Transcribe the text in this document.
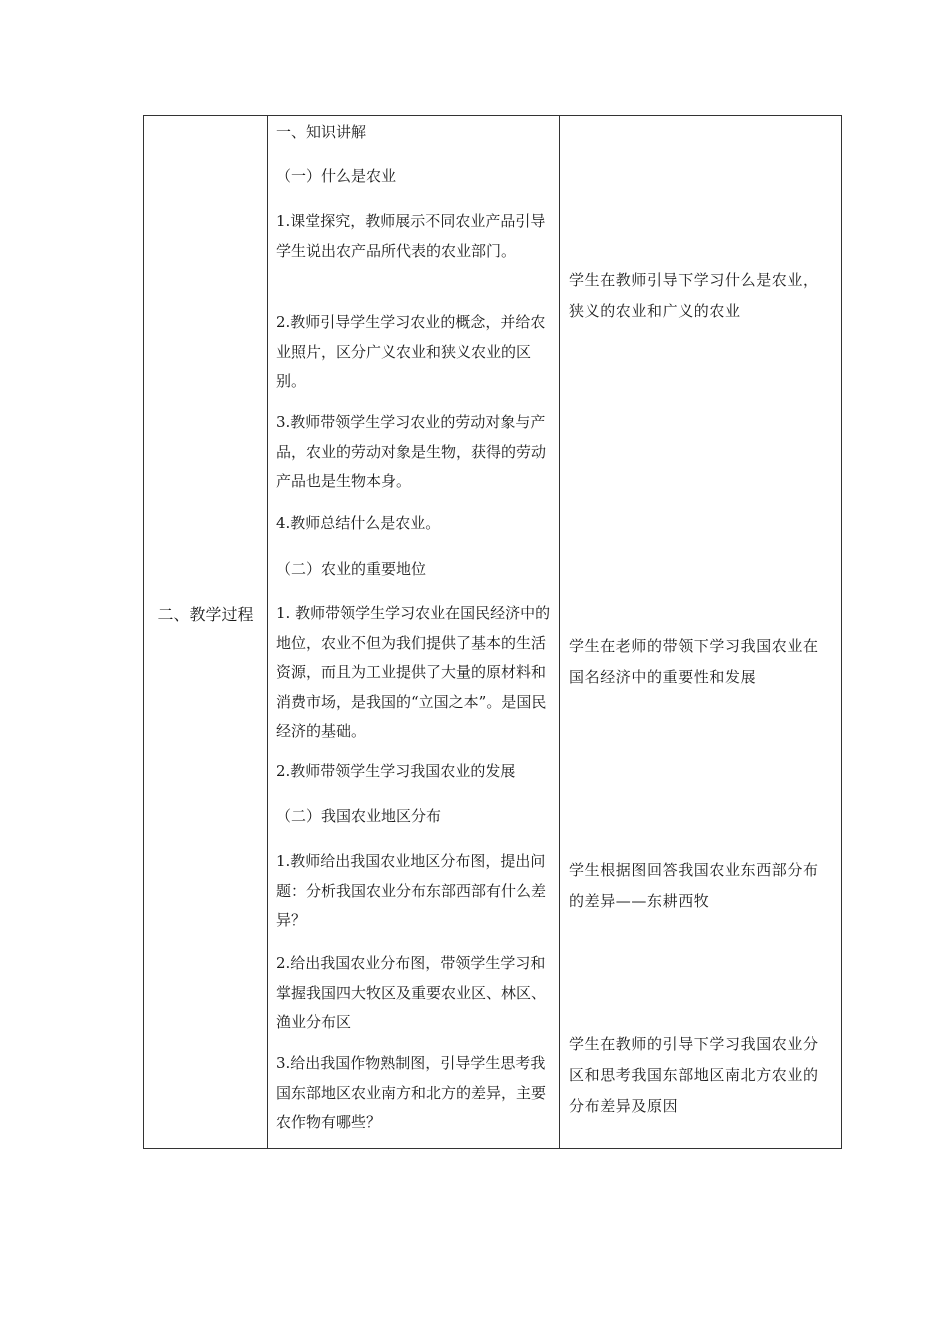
二、教学过程

一、知识讲解

（一）什么是农业

1.课堂探究，教师展示不同农业产品引导学生说出农产品所代表的农业部门。

2.教师引导学生学习农业的概念，并给农业照片，区分广义农业和狭义农业的区别。

3.教师带领学生学习农业的劳动对象与产品，农业的劳动对象是生物，获得的劳动产品也是生物本身。

4.教师总结什么是农业。

（二）农业的重要地位

1. 教师带领学生学习农业在国民经济中的地位，农业不但为我们提供了基本的生活资源，而且为工业提供了大量的原材料和消费市场，是我国的“立国之本”。是国民经济的基础。

2.教师带领学生学习我国农业的发展

（二）我国农业地区分布

1.教师给出我国农业地区分布图，提出问题：分析我国农业分布东部西部有什么差异？

2.给出我国农业分布图，带领学生学习和掌握我国四大牧区及重要农业区、林区、渔业分布区

3.给出我国作物熟制图，引导学生思考我国东部地区农业南方和北方的差异，主要农作物有哪些？

学生在教师引导下学习什么是农业，狭义的农业和广义的农业

学生在老师的带领下学习我国农业在国名经济中的重要性和发展

学生根据图回答我国农业东西部分布的差异——东耕西牧

学生在教师的引导下学习我国农业分区和思考我国东部地区南北方农业的分布差异及原因
